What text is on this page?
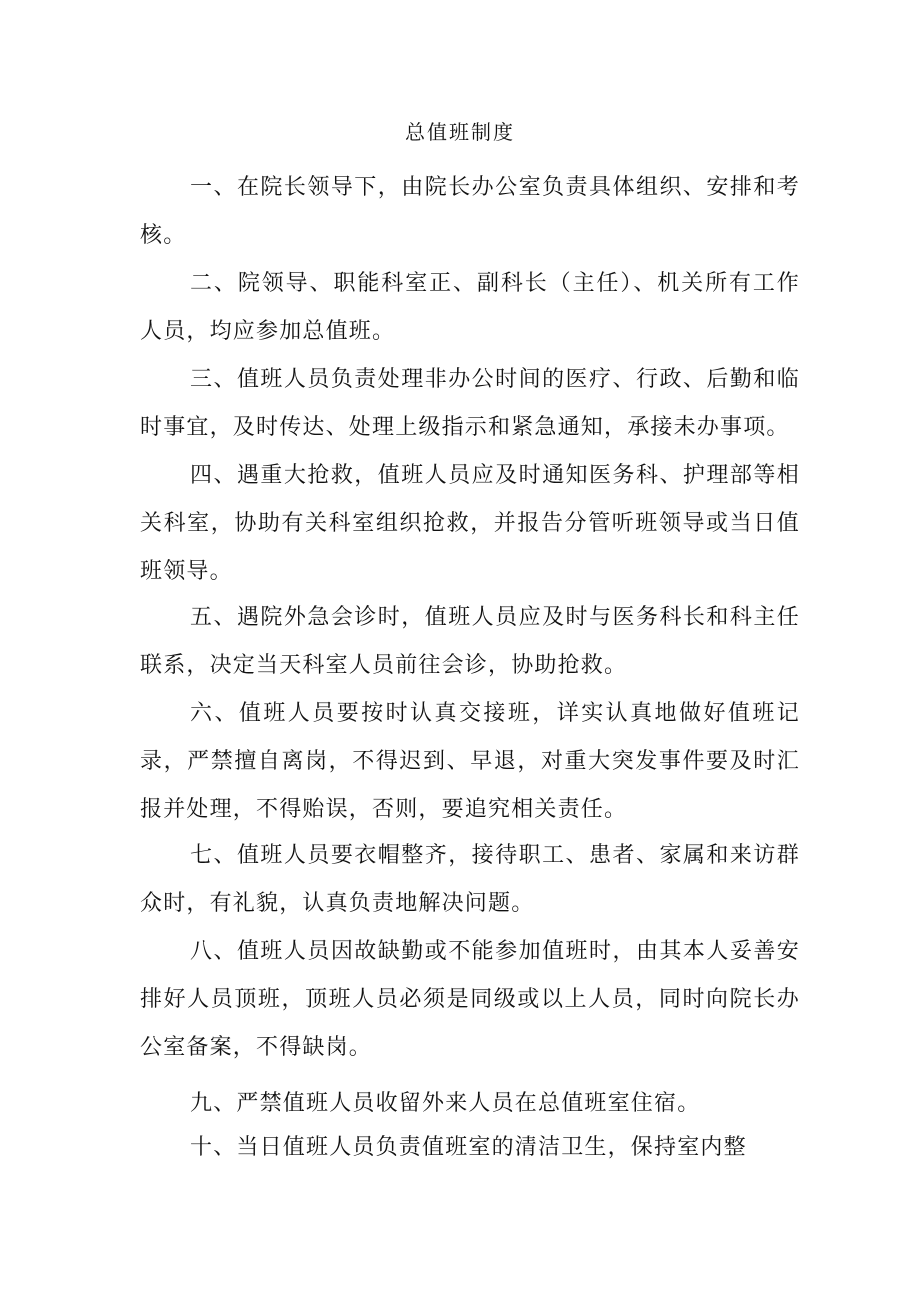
总值班制度

一、在院长领导下，由院长办公室负责具体组织、安排和考核。

二、院领导、职能科室正、副科长（主任）、机关所有工作人员，均应参加总值班。

三、值班人员负责处理非办公时间的医疗、行政、后勤和临时事宜，及时传达、处理上级指示和紧急通知，承接未办事项。

四、遇重大抢救，值班人员应及时通知医务科、护理部等相关科室，协助有关科室组织抢救，并报告分管听班领导或当日值班领导。

五、遇院外急会诊时，值班人员应及时与医务科长和科主任联系，决定当天科室人员前往会诊，协助抢救。

六、值班人员要按时认真交接班，详实认真地做好值班记录，严禁擅自离岗，不得迟到、早退，对重大突发事件要及时汇报并处理，不得贻误，否则，要追究相关责任。

七、值班人员要衣帽整齐，接待职工、患者、家属和来访群众时，有礼貌，认真负责地解决问题。

八、值班人员因故缺勤或不能参加值班时，由其本人妥善安排好人员顶班，顶班人员必须是同级或以上人员，同时向院长办公室备案，不得缺岗。

九、严禁值班人员收留外来人员在总值班室住宿。

十、当日值班人员负责值班室的清洁卫生，保持室内整
